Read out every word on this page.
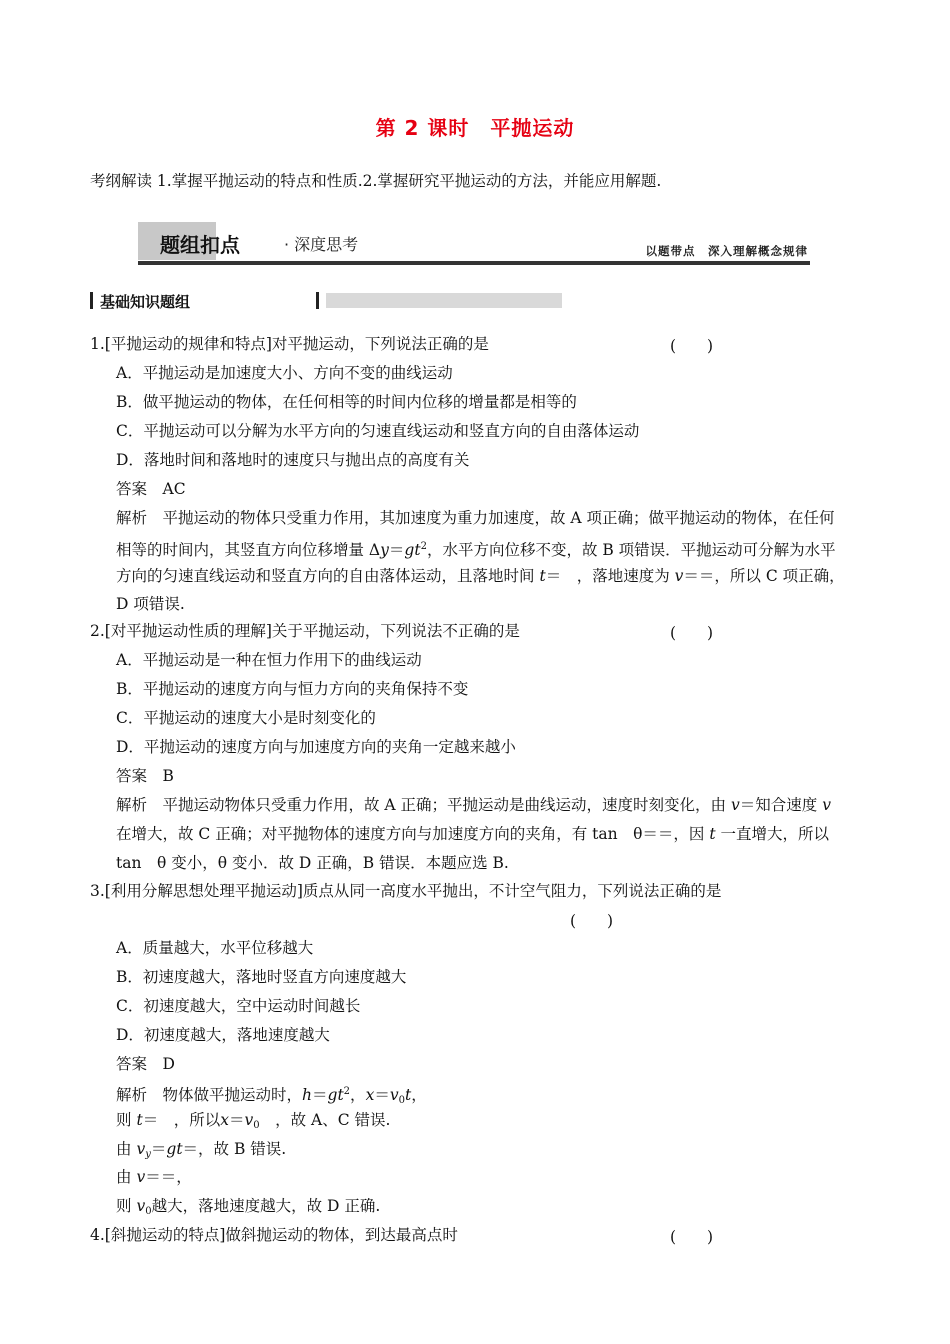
第 2 课时　平抛运动
考纲解读 1.掌握平抛运动的特点和性质.2.掌握研究平抛运动的方法，并能应用解题.
题组扣点	· 深度思考	以题带点　深入理解概念规律
基础知识题组
1.[平抛运动的规律和特点]对平抛运动，下列说法正确的是	(　　)
A．平抛运动是加速度大小、方向不变的曲线运动
B．做平抛运动的物体，在任何相等的时间内位移的增量都是相等的
C．平抛运动可以分解为水平方向的匀速直线运动和竖直方向的自由落体运动
D．落地时间和落地时的速度只与抛出点的高度有关
答案　AC
解析　平抛运动的物体只受重力作用，其加速度为重力加速度，故 A 项正确；做平抛运动的物体，在任何
相等的时间内，其竖直方向位移增量 $\Delta y=gt^2$，水平方向位移不变，故 B 项错误．平抛运动可分解为水平
方向的匀速直线运动和竖直方向的自由落体运动，且落地时间 t＝　，落地速度为 v＝＝，所以 C 项正确，
D 项错误.
2.[对平抛运动性质的理解]关于平抛运动，下列说法不正确的是	(　　)
A．平抛运动是一种在恒力作用下的曲线运动
B．平抛运动的速度方向与恒力方向的夹角保持不变
C．平抛运动的速度大小是时刻变化的
D．平抛运动的速度方向与加速度方向的夹角一定越来越小
答案　B
解析　平抛运动物体只受重力作用，故 A 正确；平抛运动是曲线运动，速度时刻变化，由 v＝知合速度 v
在增大，故 C 正确；对平抛物体的速度方向与加速度方向的夹角，有 tan　θ＝＝，因 t 一直增大，所以
tan　θ 变小，θ 变小．故 D 正确，B 错误．本题应选 B.
3.[利用分解思想处理平抛运动]质点从同一高度水平抛出，不计空气阻力，下列说法正确的是
(　　)
A．质量越大，水平位移越大
B．初速度越大，落地时竖直方向速度越大
C．初速度越大，空中运动时间越长
D．初速度越大，落地速度越大
答案　D
解析　物体做平抛运动时，$h=gt^2$，$x=v_0t$，
则 t＝　，所以$x=v_0$　，故 A、C 错误.
由 $v_y=gt=$，故 B 错误.
由 v＝＝，
则 $v_0$越大，落地速度越大，故 D 正确.
4.[斜抛运动的特点]做斜抛运动的物体，到达最高点时	(　　)
